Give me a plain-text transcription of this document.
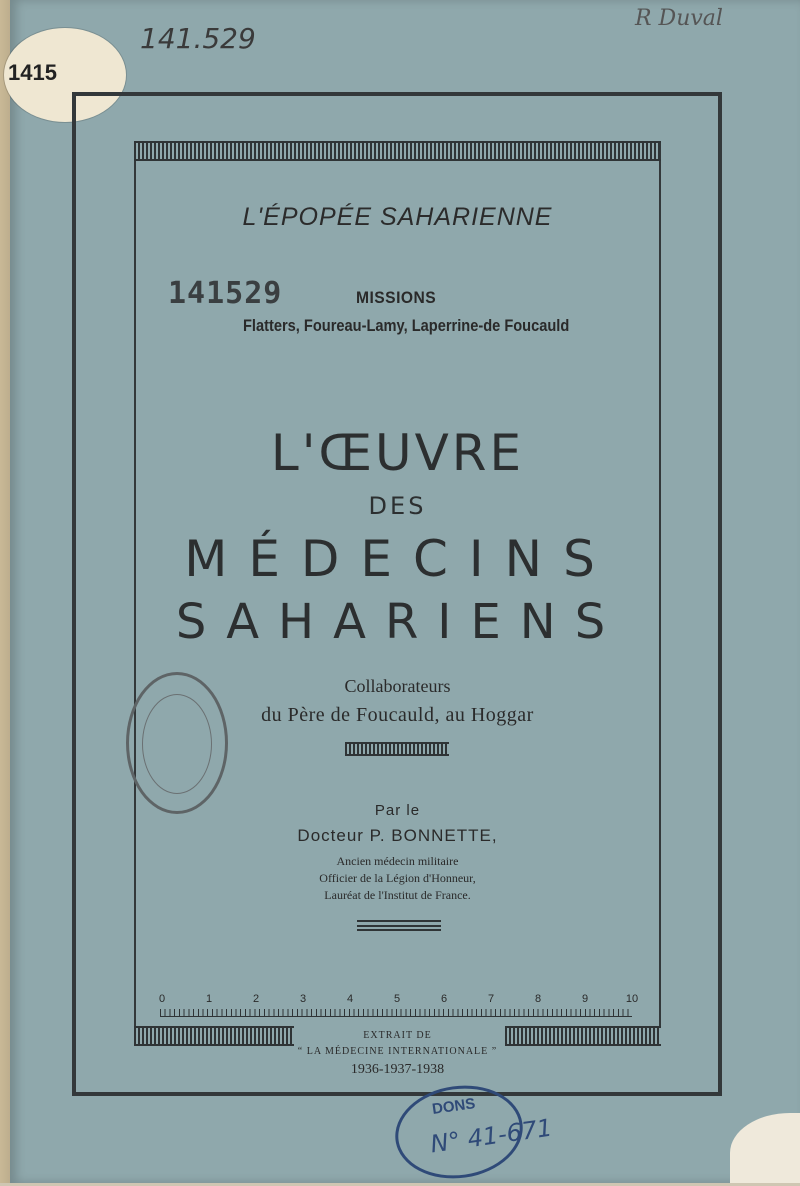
1415
141.529
R Duval
L'ÉPOPÉE SAHARIENNE
141529	MISSIONS
Flatters, Foureau-Lamy, Laperrine-de Foucauld
L'ŒUVRE
DES
MÉDECINS
SAHARIENS
Collaborateurs
du Père de Foucauld, au Hoggar
Par le
Docteur P. BONNETTE,
Ancien médecin militaire
Officier de la Légion d'Honneur,
Lauréat de l'Institut de France.
0	1	2	3	4	5	6	7	8	9	10
EXTRAIT DE
“ LA MÉDECINE INTERNATIONALE ”
1936-1937-1938
DONS
N° 41-671
